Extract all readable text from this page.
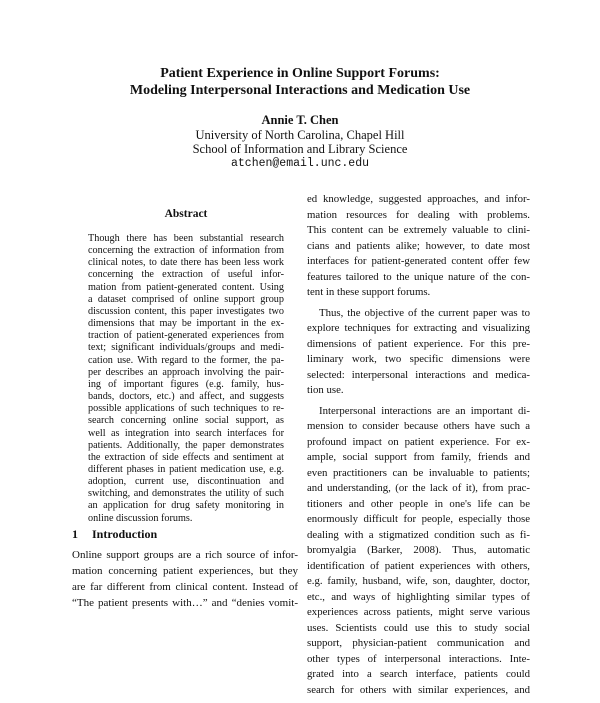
Patient Experience in Online Support Forums:
Modeling Interpersonal Interactions and Medication Use
Annie T. Chen
University of North Carolina, Chapel Hill
School of Information and Library Science
atchen@email.unc.edu
Abstract
Though there has been substantial research
concerning the extraction of information from
clinical notes, to date there has been less work
concerning the extraction of useful infor-
mation from patient-generated content. Using
a dataset comprised of online support group
discussion content, this paper investigates two
dimensions that may be important in the ex-
traction of patient-generated experiences from
text; significant individuals/groups and medi-
cation use. With regard to the former, the pa-
per describes an approach involving the pair-
ing of important figures (e.g. family, hus-
bands, doctors, etc.) and affect, and suggests
possible applications of such techniques to re-
search concerning online social support, as
well as integration into search interfaces for
patients. Additionally, the paper demonstrates
the extraction of side effects and sentiment at
different phases in patient medication use, e.g.
adoption, current use, discontinuation and
switching, and demonstrates the utility of such
an application for drug safety monitoring in
online discussion forums.
1 Introduction
Online support groups are a rich source of infor-
mation concerning patient experiences, but they
are far different from clinical content. Instead of
“The patient presents with…” and “denies vomit-
ed knowledge, suggested approaches, and infor-
mation resources for dealing with problems.
This content can be extremely valuable to clini-
cians and patients alike; however, to date most
interfaces for patient-generated content offer few
features tailored to the unique nature of the con-
tent in these support forums.
Thus, the objective of the current paper was to
explore techniques for extracting and visualizing
dimensions of patient experience. For this pre-
liminary work, two specific dimensions were
selected: interpersonal interactions and medica-
tion use.
Interpersonal interactions are an important di-
mension to consider because others have such a
profound impact on patient experience. For ex-
ample, social support from family, friends and
even practitioners can be invaluable to patients;
and understanding, (or the lack of it), from prac-
titioners and other people in one's life can be
enormously difficult for people, especially those
dealing with a stigmatized condition such as fi-
bromyalgia (Barker, 2008). Thus, automatic
identification of patient experiences with others,
e.g. family, husband, wife, son, daughter, doctor,
etc., and ways of highlighting similar types of
experiences across patients, might serve various
uses. Scientists could use this to study social
support, physician-patient communication and
other types of interpersonal interactions. Inte-
grated into a search interface, patients could
search for others with similar experiences, and
